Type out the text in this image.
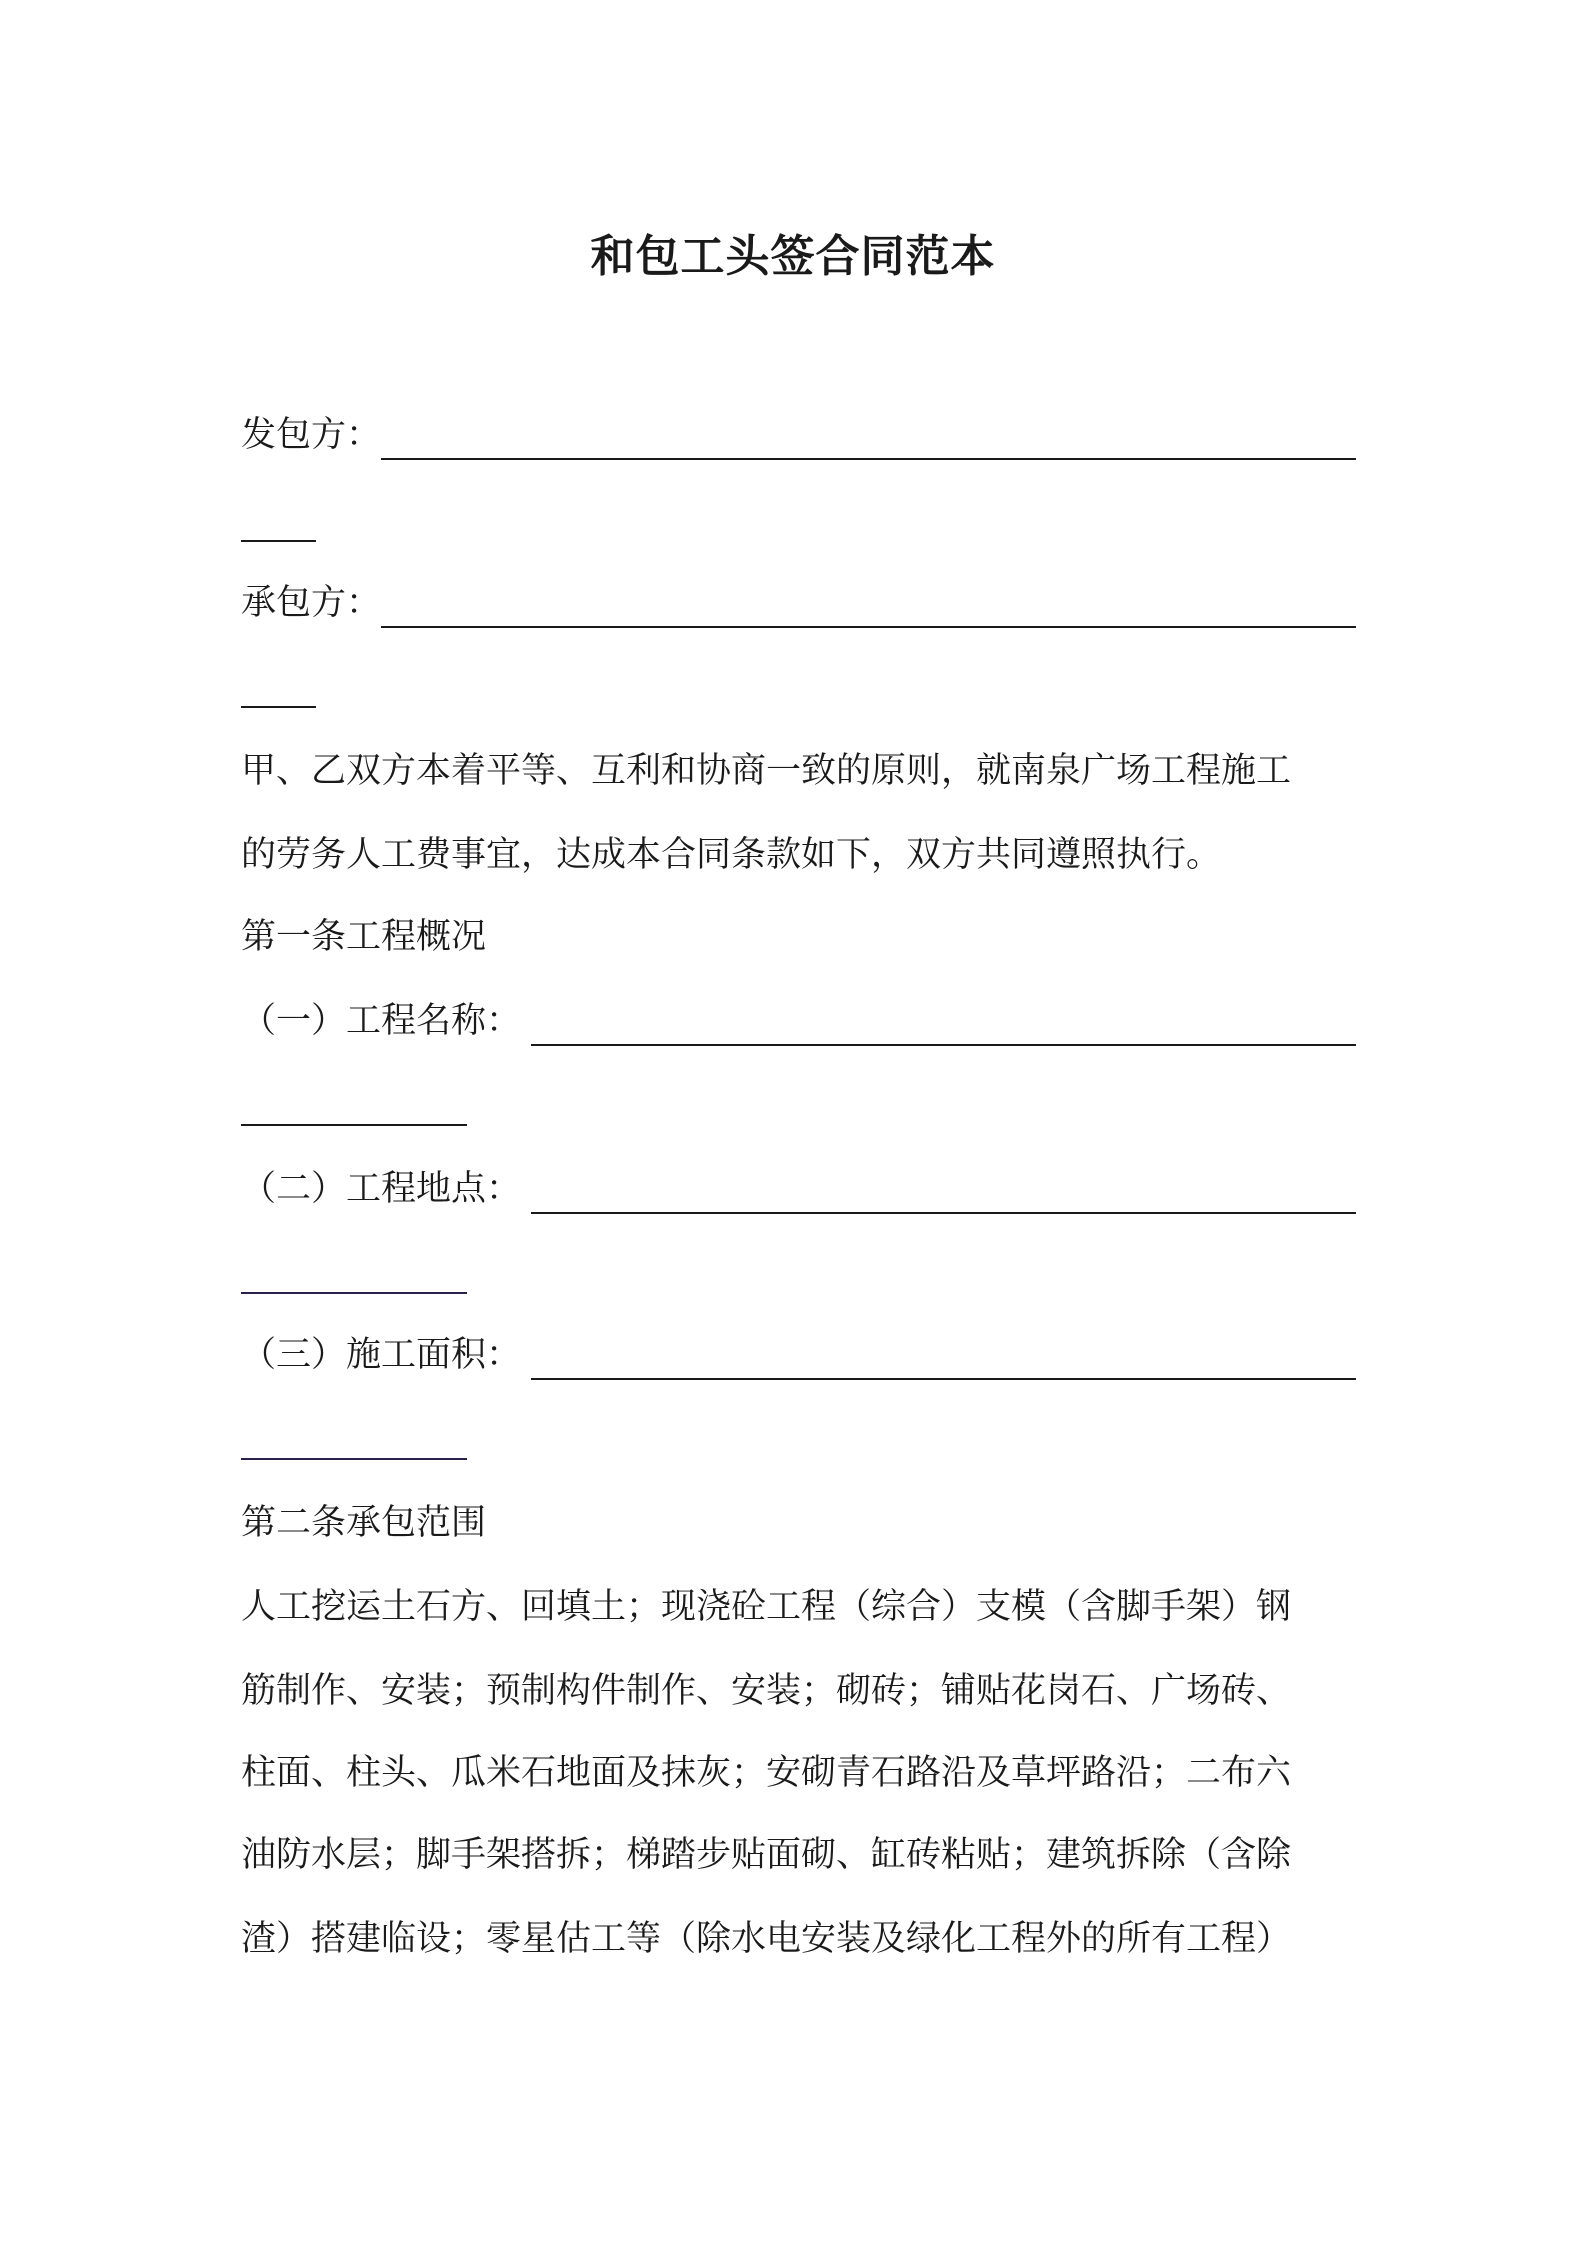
和包工头签合同范本
发包方：
承包方：
甲、乙双方本着平等、互利和协商一致的原则，就南泉广场工程施工
的劳务人工费事宜，达成本合同条款如下，双方共同遵照执行。
第一条工程概况
（一）工程名称：
（二）工程地点：
（三）施工面积：
第二条承包范围
人工挖运土石方、回填土；现浇砼工程（综合）支模（含脚手架）钢
筋制作、安装；预制构件制作、安装；砌砖；铺贴花岗石、广场砖、
柱面、柱头、瓜米石地面及抹灰；安砌青石路沿及草坪路沿；二布六
油防水层；脚手架搭拆；梯踏步贴面砌、缸砖粘贴；建筑拆除（含除
渣）搭建临设；零星估工等（除水电安装及绿化工程外的所有工程）
